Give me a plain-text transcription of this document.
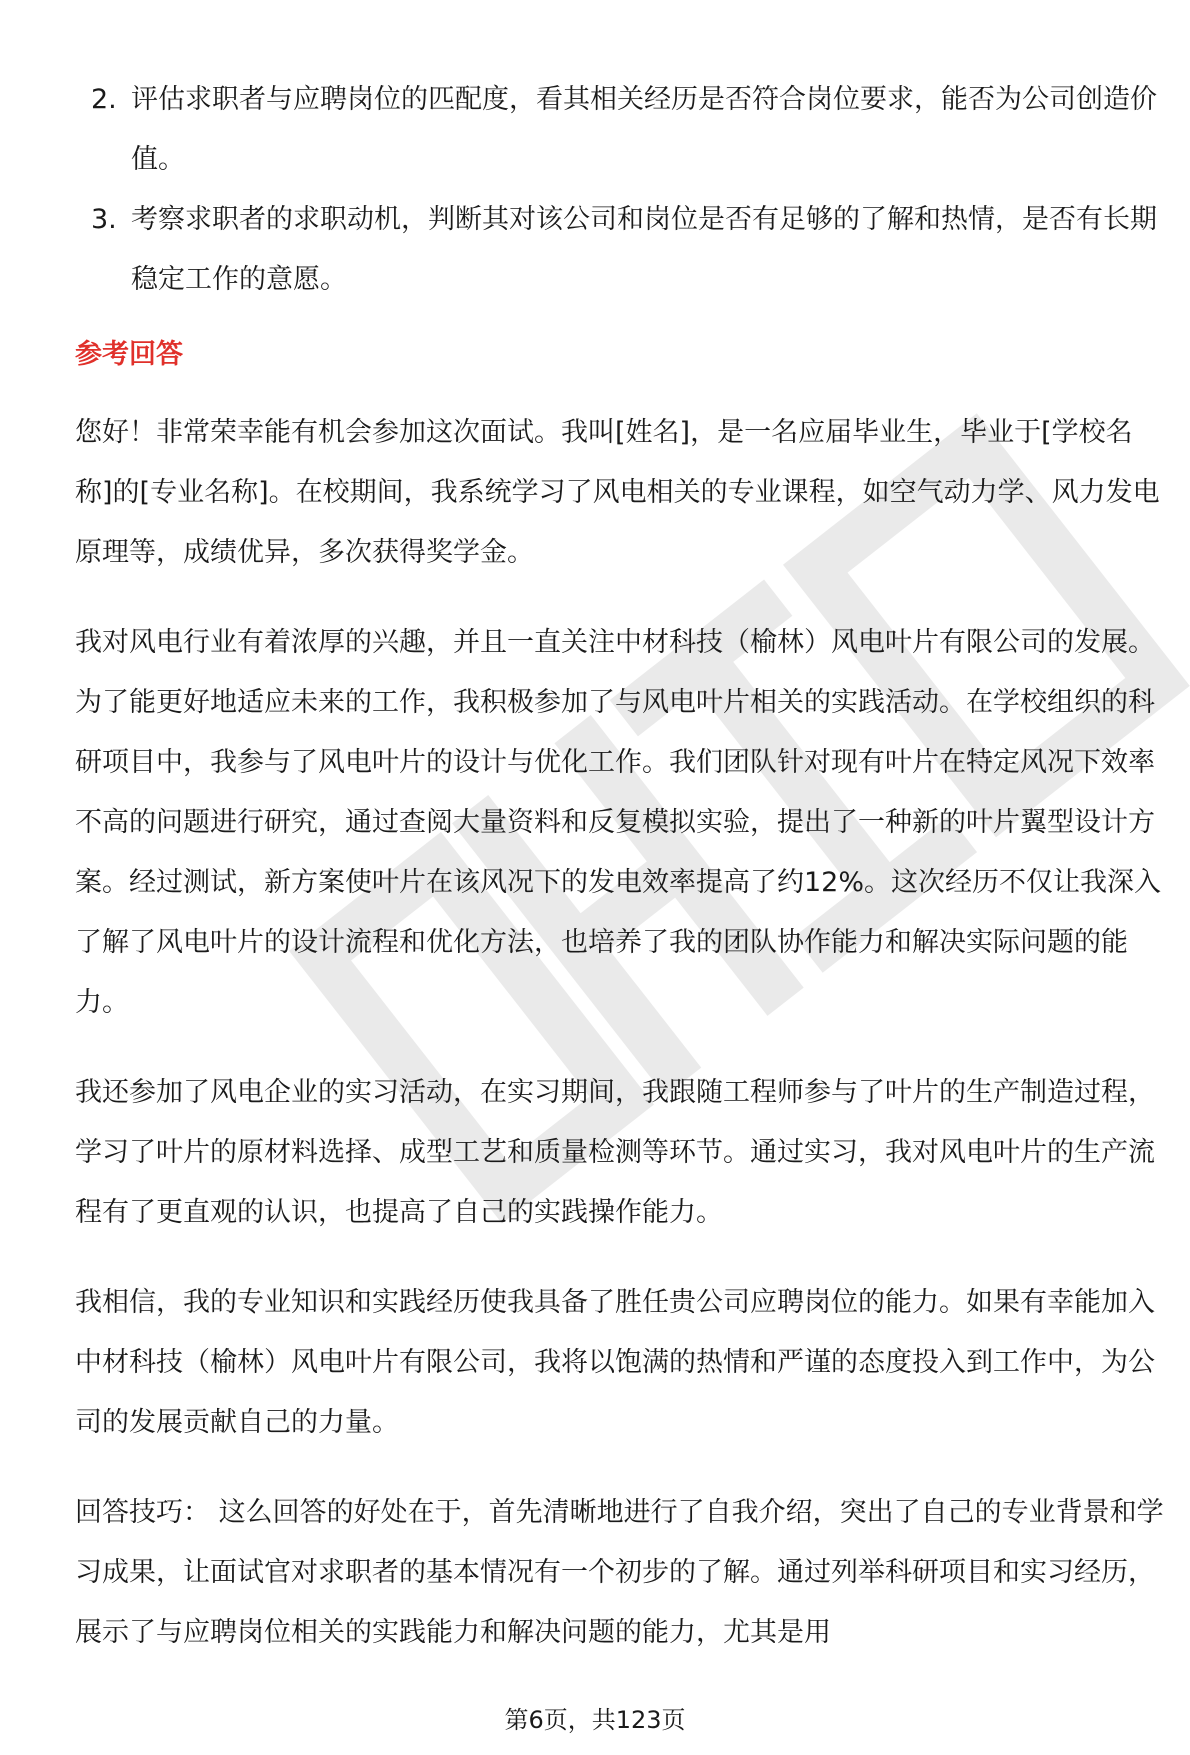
2. 评估求职者与应聘岗位的匹配度，看其相关经历是否符合岗位要求，能否为公司创造价值。
3. 考察求职者的求职动机，判断其对该公司和岗位是否有足够的了解和热情，是否有长期稳定工作的意愿。
参考回答

您好！非常荣幸能有机会参加这次面试。我叫[姓名]，是一名应届毕业生，毕业于[学校名称]的[专业名称]。在校期间，我系统学习了风电相关的专业课程，如空气动力学、风力发电原理等，成绩优异，多次获得奖学金。

我对风电行业有着浓厚的兴趣，并且一直关注中材科技（榆林）风电叶片有限公司的发展。为了能更好地适应未来的工作，我积极参加了与风电叶片相关的实践活动。在学校组织的科研项目中，我参与了风电叶片的设计与优化工作。我们团队针对现有叶片在特定风况下效率不高的问题进行研究，通过查阅大量资料和反复模拟实验，提出了一种新的叶片翼型设计方案。经过测试，新方案使叶片在该风况下的发电效率提高了约12%。这次经历不仅让我深入了解了风电叶片的设计流程和优化方法，也培养了我的团队协作能力和解决实际问题的能力。

我还参加了风电企业的实习活动，在实习期间，我跟随工程师参与了叶片的生产制造过程，学习了叶片的原材料选择、成型工艺和质量检测等环节。通过实习，我对风电叶片的生产流程有了更直观的认识，也提高了自己的实践操作能力。

我相信，我的专业知识和实践经历使我具备了胜任贵公司应聘岗位的能力。如果有幸能加入中材科技（榆林）风电叶片有限公司，我将以饱满的热情和严谨的态度投入到工作中，为公司的发展贡献自己的力量。

回答技巧： 这么回答的好处在于，首先清晰地进行了自我介绍，突出了自己的专业背景和学习成果，让面试官对求职者的基本情况有一个初步的了解。通过列举科研项目和实习经历，展示了与应聘岗位相关的实践能力和解决问题的能力，尤其是用

第6页，共123页
